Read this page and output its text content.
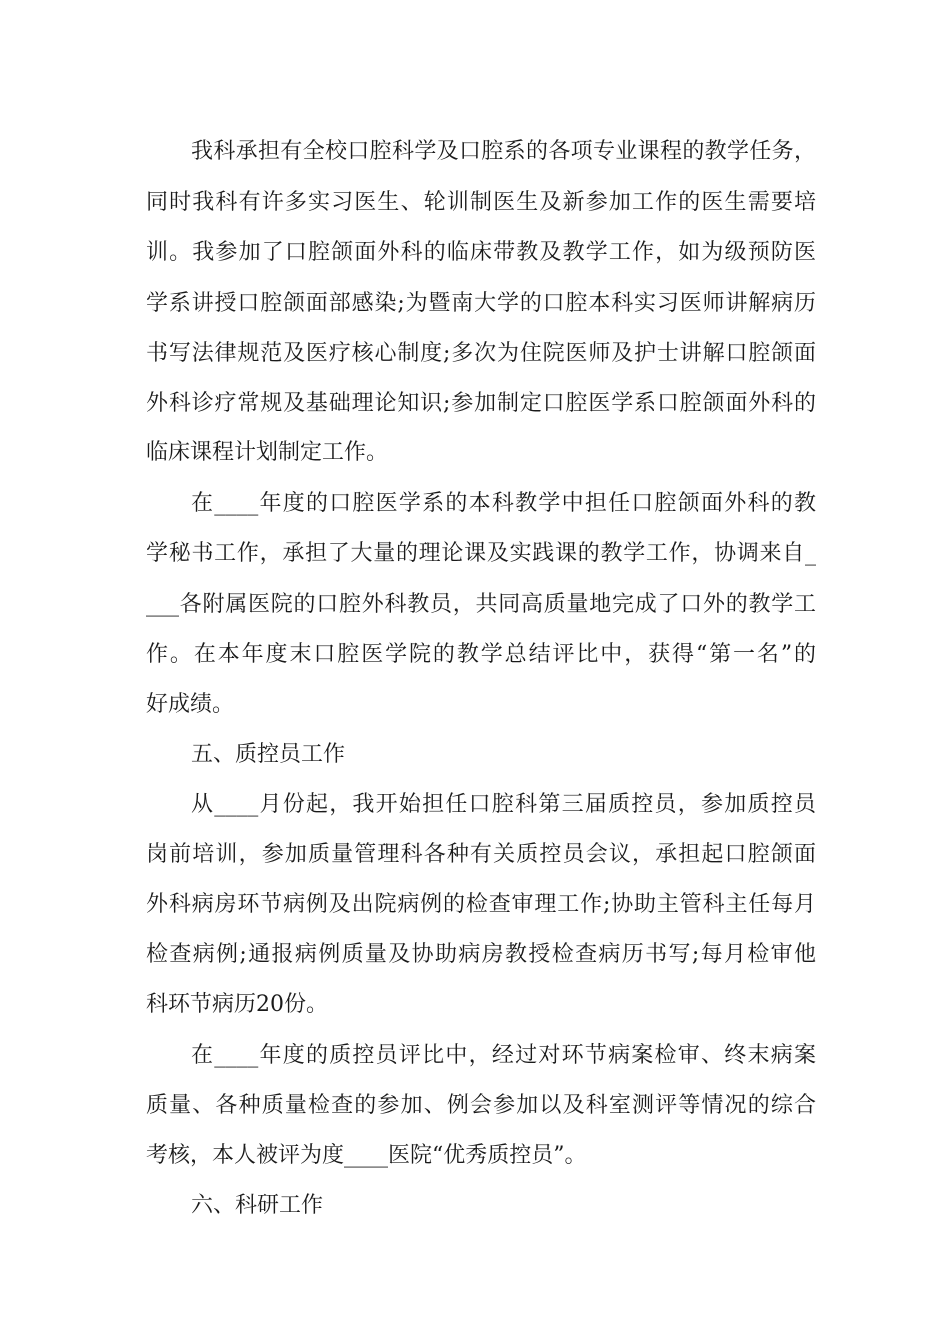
我科承担有全校口腔科学及口腔系的各项专业课程的教学任务，
同时我科有许多实习医生、轮训制医生及新参加工作的医生需要培
训。我参加了口腔颌面外科的临床带教及教学工作，如为级预防医
学系讲授口腔颌面部感染;为暨南大学的口腔本科实习医师讲解病历
书写法律规范及医疗核心制度;多次为住院医师及护士讲解口腔颌面
外科诊疗常规及基础理论知识;参加制定口腔医学系口腔颌面外科的
临床课程计划制定工作。
在____年度的口腔医学系的本科教学中担任口腔颌面外科的教
学秘书工作，承担了大量的理论课及实践课的教学工作，协调来自_
___各附属医院的口腔外科教员，共同高质量地完成了口外的教学工
作。在本年度末口腔医学院的教学总结评比中，获得“第一名”的
好成绩。
五、质控员工作
从____月份起，我开始担任口腔科第三届质控员，参加质控员
岗前培训，参加质量管理科各种有关质控员会议，承担起口腔颌面
外科病房环节病例及出院病例的检查审理工作;协助主管科主任每月
检查病例;通报病例质量及协助病房教授检查病历书写;每月检审他
科环节病历20份。
在____年度的质控员评比中，经过对环节病案检审、终末病案
质量、各种质量检查的参加、例会参加以及科室测评等情况的综合
考核，本人被评为度____医院“优秀质控员”。
六、科研工作
